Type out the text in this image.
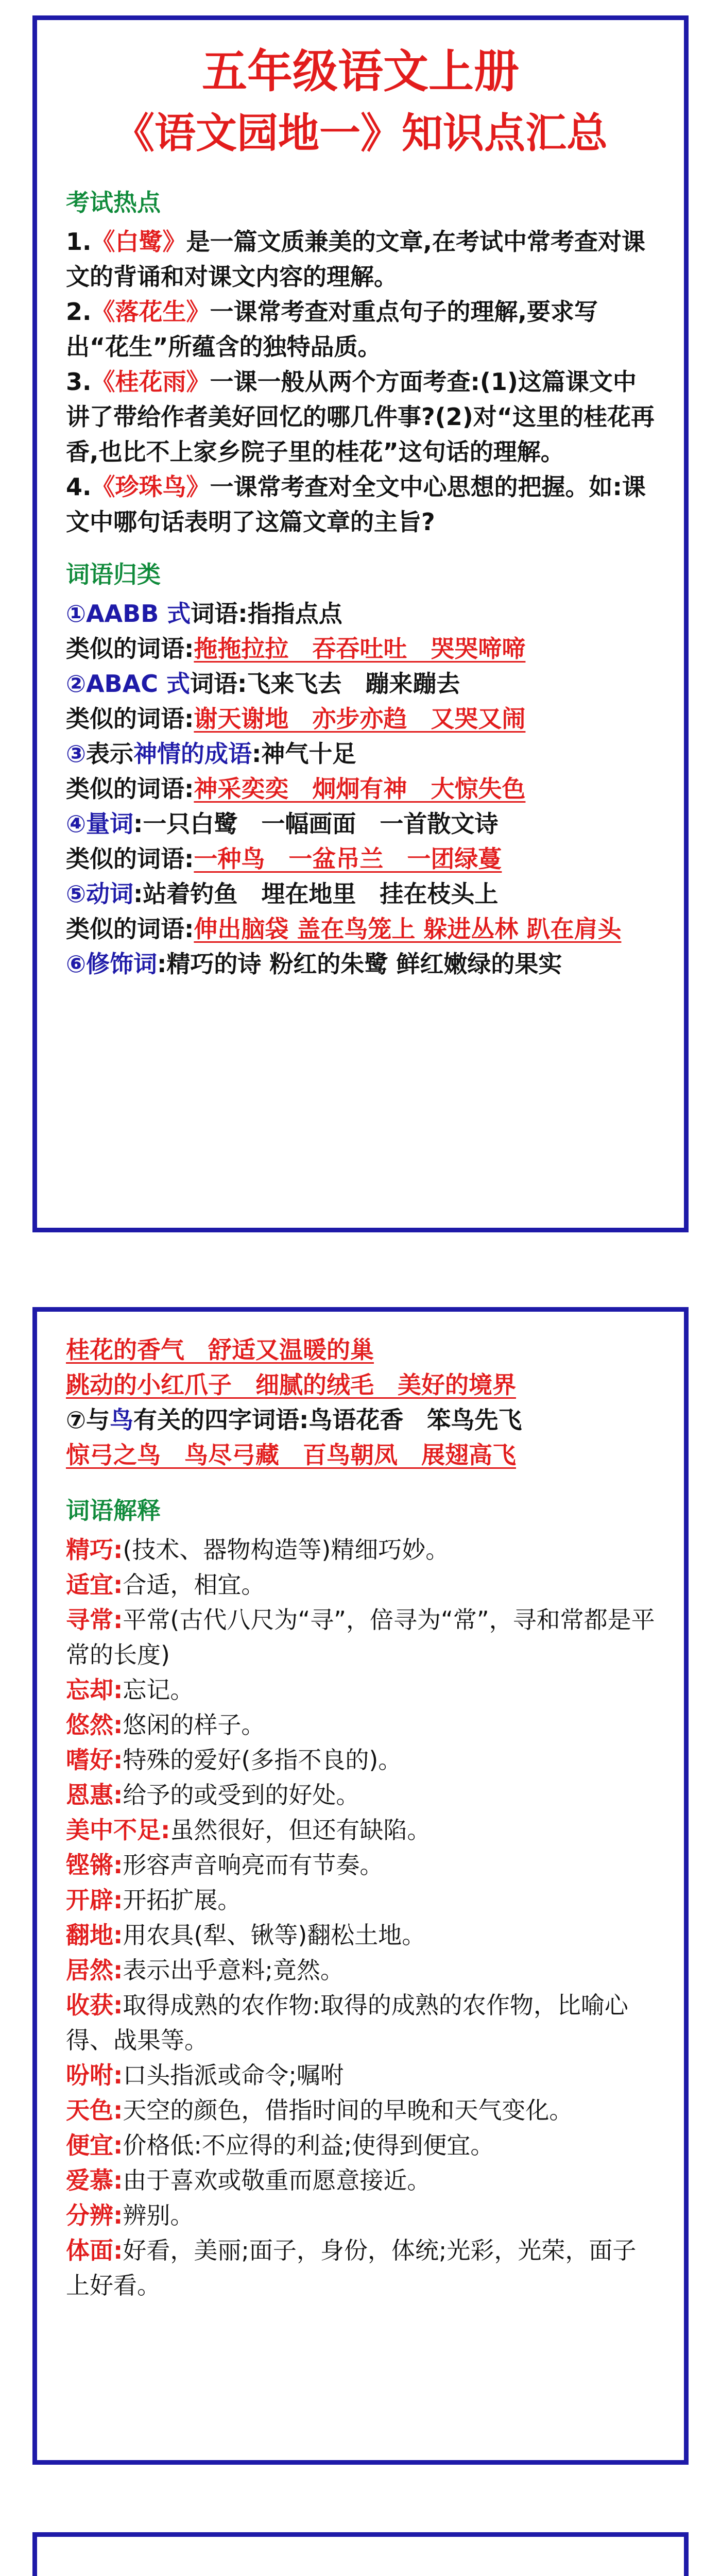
五年级语文上册

《语文园地一》知识点汇总

考试热点

1.《白鹭》是一篇文质兼美的文章,在考试中常考查对课文的背诵和对课文内容的理解。

2.《落花生》一课常考查对重点句子的理解,要求写出“花生”所蕴含的独特品质。

3.《桂花雨》一课一般从两个方面考查:(1)这篇课文中讲了带给作者美好回忆的哪几件事?(2)对“这里的桂花再香,也比不上家乡院子里的桂花”这句话的理解。

4.《珍珠鸟》一课常考查对全文中心思想的把握。如:课文中哪句话表明了这篇文章的主旨?

词语归类

①AABB 式词语:指指点点

类似的词语:拖拖拉拉　吞吞吐吐　哭哭啼啼

②ABAC 式词语:飞来飞去　蹦来蹦去

类似的词语:谢天谢地　亦步亦趋　又哭又闹

③表示神情的成语:神气十足

类似的词语:神采奕奕　炯炯有神　大惊失色

④量词:一只白鹭　一幅画面　一首散文诗

类似的词语:一种鸟　一盆吊兰　一团绿蔓

⑤动词:站着钓鱼　埋在地里　挂在枝头上

类似的词语:伸出脑袋 盖在鸟笼上 躲进丛林 趴在肩头

⑥修饰词:精巧的诗 粉红的朱鹭 鲜红嫩绿的果实

桂花的香气　舒适又温暖的巢

跳动的小红爪子　细腻的绒毛　美好的境界

⑦与鸟有关的四字词语:鸟语花香　笨鸟先飞

惊弓之鸟　鸟尽弓藏　百鸟朝凤　展翅高飞

词语解释

精巧:(技术、器物构造等)精细巧妙。

适宜:合适，相宜。

寻常:平常(古代八尺为“寻”，倍寻为“常”，寻和常都是平常的长度)

忘却:忘记。

悠然:悠闲的样子。

嗜好:特殊的爱好(多指不良的)。

恩惠:给予的或受到的好处。

美中不足:虽然很好，但还有缺陷。

铿锵:形容声音响亮而有节奏。

开辟:开拓扩展。

翻地:用农具(犁、锹等)翻松土地。

居然:表示出乎意料;竟然。

收获:取得成熟的农作物:取得的成熟的农作物，比喻心得、战果等。

吩咐:口头指派或命令;嘱咐

天色:天空的颜色，借指时间的早晚和天气变化。

便宜:价格低:不应得的利益;使得到便宜。

爱慕:由于喜欢或敬重而愿意接近。

分辨:辨别。

体面:好看，美丽;面子，身份，体统;光彩，光荣，面子上好看。
